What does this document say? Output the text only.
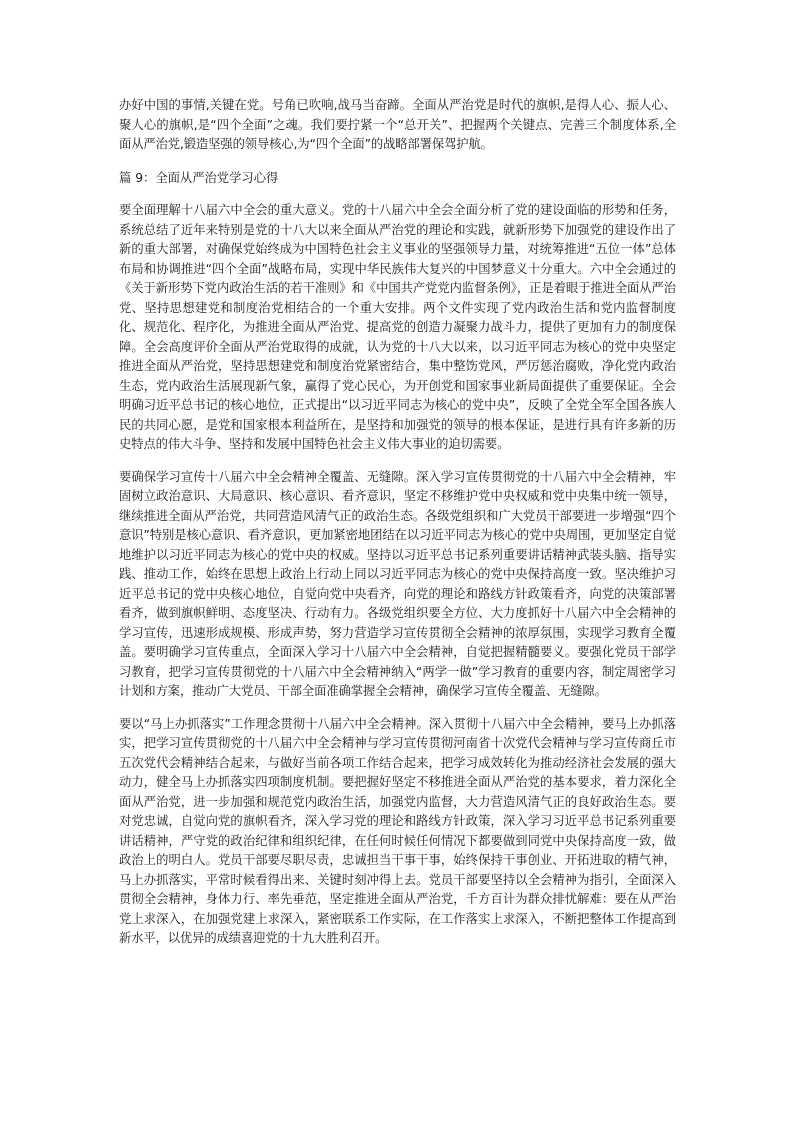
办好中国的事情,关键在党。号角已吹响,战马当奋蹄。全面从严治党是时代的旗帜,是得人心、振人心、聚人心的旗帜,是“四个全面”之魂。我们要拧紧一个“总开关”、把握两个关键点、完善三个制度体系,全面从严治党,锻造坚强的领导核心,为“四个全面”的战略部署保驾护航。

篇 9：全面从严治党学习心得

要全面理解十八届六中全会的重大意义。党的十八届六中全会全面分析了党的建设面临的形势和任务，系统总结了近年来特别是党的十八大以来全面从严治党的理论和实践，就新形势下加强党的建设作出了新的重大部署，对确保党始终成为中国特色社会主义事业的坚强领导力量，对统筹推进“五位一体”总体布局和协调推进“四个全面”战略布局，实现中华民族伟大复兴的中国梦意义十分重大。六中全会通过的《关于新形势下党内政治生活的若干准则》和《中国共产党党内监督条例》，正是着眼于推进全面从严治党、坚持思想建党和制度治党相结合的一个重大安排。两个文件实现了党内政治生活和党内监督制度化、规范化、程序化，为推进全面从严治党、提高党的创造力凝聚力战斗力，提供了更加有力的制度保障。全会高度评价全面从严治党取得的成就，认为党的十八大以来，以习近平同志为核心的党中央坚定推进全面从严治党，坚持思想建党和制度治党紧密结合，集中整饬党风，严厉惩治腐败，净化党内政治生态，党内政治生活展现新气象，赢得了党心民心，为开创党和国家事业新局面提供了重要保证。全会明确习近平总书记的核心地位，正式提出“以习近平同志为核心的党中央”，反映了全党全军全国各族人民的共同心愿，是党和国家根本利益所在，是坚持和加强党的领导的根本保证，是进行具有许多新的历史特点的伟大斗争、坚持和发展中国特色社会主义伟大事业的迫切需要。

要确保学习宣传十八届六中全会精神全覆盖、无缝隙。深入学习宣传贯彻党的十八届六中全会精神，牢固树立政治意识、大局意识、核心意识、看齐意识，坚定不移维护党中央权威和党中央集中统一领导，继续推进全面从严治党，共同营造风清气正的政治生态。各级党组织和广大党员干部要进一步增强“四个意识”特别是核心意识、看齐意识，更加紧密地团结在以习近平同志为核心的党中央周围，更加坚定自觉地维护以习近平同志为核心的党中央的权威。坚持以习近平总书记系列重要讲话精神武装头脑、指导实践、推动工作，始终在思想上政治上行动上同以习近平同志为核心的党中央保持高度一致。坚决维护习近平总书记的党中央核心地位，自觉向党中央看齐，向党的理论和路线方针政策看齐，向党的决策部署看齐，做到旗帜鲜明、态度坚决、行动有力。各级党组织要全方位、大力度抓好十八届六中全会精神的学习宣传，迅速形成规模、形成声势，努力营造学习宣传贯彻全会精神的浓厚氛围，实现学习教育全覆盖。要明确学习宣传重点，全面深入学习十八届六中全会精神，自觉把握精髓要义。要强化党员干部学习教育，把学习宣传贯彻党的十八届六中全会精神纳入“两学一做”学习教育的重要内容，制定周密学习计划和方案，推动广大党员、干部全面准确掌握全会精神，确保学习宣传全覆盖、无缝隙。

要以“马上办抓落实”工作理念贯彻十八届六中全会精神。深入贯彻十八届六中全会精神，要马上办抓落实，把学习宣传贯彻党的十八届六中全会精神与学习宣传贯彻河南省十次党代会精神与学习宣传商丘市五次党代会精神结合起来，与做好当前各项工作结合起来，把学习成效转化为推动经济社会发展的强大动力，健全马上办抓落实四项制度机制。要把握好坚定不移推进全面从严治党的基本要求，着力深化全面从严治党，进一步加强和规范党内政治生活，加强党内监督，大力营造风清气正的良好政治生态。要对党忠诚，自觉向党的旗帜看齐，深入学习党的理论和路线方针政策，深入学习习近平总书记系列重要讲话精神，严守党的政治纪律和组织纪律，在任何时候任何情况下都要做到同党中央保持高度一致，做政治上的明白人。党员干部要尽职尽责，忠诚担当干事干事，始终保持干事创业、开拓进取的精气神，马上办抓落实，平常时候看得出来、关键时刻冲得上去。党员干部要坚持以全会精神为指引，全面深入贯彻全会精神，身体力行、率先垂范，坚定推进全面从严治党，千方百计为群众排忧解难：要在从严治党上求深入，在加强党建上求深入，紧密联系工作实际，在工作落实上求深入，不断把整体工作提高到新水平，以优异的成绩喜迎党的十九大胜利召开。
